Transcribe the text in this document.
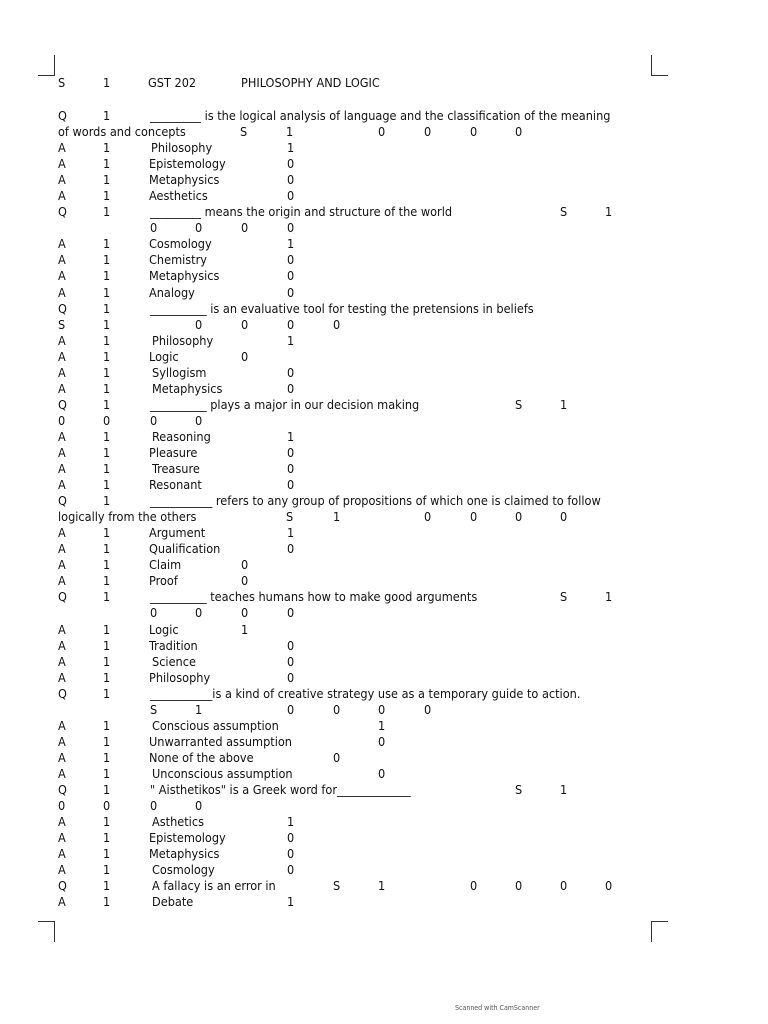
S	1	GST 202	PHILOSOPHY AND LOGIC
Q	1	_________ is the logical analysis of language and the classification of the meaning
of words and concepts	S	1	0	0	0	0
A	1	Philosophy	1
A	1	Epistemology	0
A	1	Metaphysics	0
A	1	Aesthetics	0
Q	1	_________ means the origin and structure of the world	S	1
0	0	0	0
A	1	Cosmology	1
A	1	Chemistry	0
A	1	Metaphysics	0
A	1	Analogy	0
Q	1	__________ is an evaluative tool for testing the pretensions in beliefs
S	1	0	0	0	0
A	1	Philosophy	1
A	1	Logic	0
A	1	Syllogism	0
A	1	Metaphysics	0
Q	1	__________ plays a major in our decision making	S	1
0	0	0	0
A	1	Reasoning	1
A	1	Pleasure	0
A	1	Treasure	0
A	1	Resonant	0
Q	1	___________ refers to any group of propositions of which one is claimed to follow
logically from the others	S	1	0	0	0	0
A	1	Argument	1
A	1	Qualification	0
A	1	Claim	0
A	1	Proof	0
Q	1	__________ teaches humans how to make good arguments	S	1
0	0	0	0
A	1	Logic	1
A	1	Tradition	0
A	1	Science	0
A	1	Philosophy	0
Q	1	___________is a kind of creative strategy use as a temporary guide to action.
S	1	0	0	0	0
A	1	Conscious assumption	1
A	1	Unwarranted assumption	0
A	1	None of the above	0
A	1	Unconscious assumption	0
Q	1	" Aisthetikos" is a Greek word for_____________	S	1
0	0	0	0
A	1	Asthetics	1
A	1	Epistemology	0
A	1	Metaphysics	0
A	1	Cosmology	0
Q	1	A fallacy is an error in	S	1	0	0	0	0
A	1	Debate	1
Scanned with CamScanner
